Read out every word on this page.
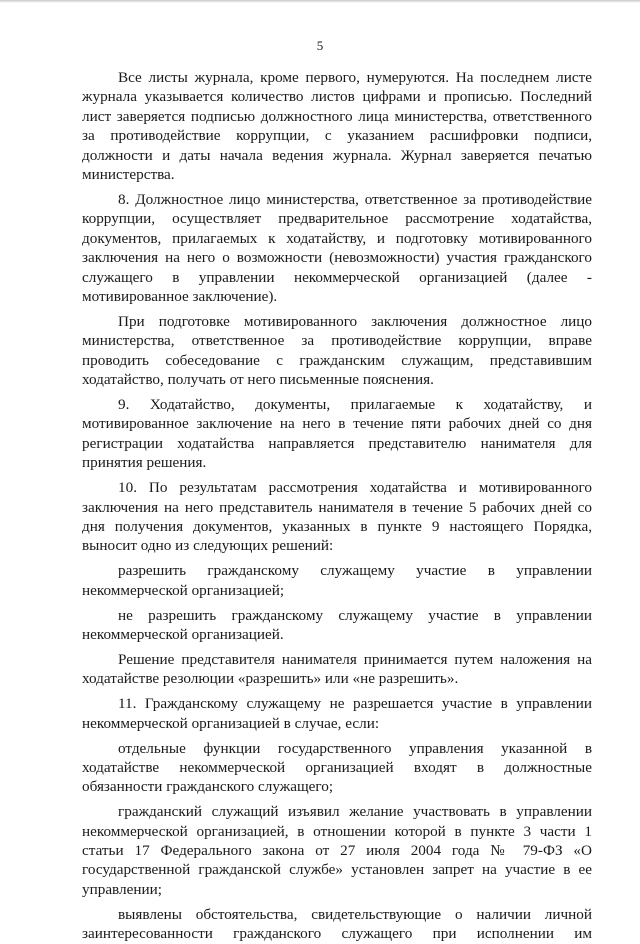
5

Все листы журнала, кроме первого, нумеруются. На последнем листе журнала указывается количество листов цифрами и прописью. Последний лист заверяется подписью должностного лица министерства, ответственного за противодействие коррупции, с указанием расшифровки подписи, должности и даты начала ведения журнала. Журнал заверяется печатью министерства.

8. Должностное лицо министерства, ответственное за противодействие коррупции, осуществляет предварительное рассмотрение ходатайства, документов, прилагаемых к ходатайству, и подготовку мотивированного заключения на него о возможности (невозможности) участия гражданского служащего в управлении некоммерческой организацией (далее - мотивированное заключение).

При подготовке мотивированного заключения должностное лицо министерства, ответственное за противодействие коррупции, вправе проводить собеседование с гражданским служащим, представившим ходатайство, получать от него письменные пояснения.

9. Ходатайство, документы, прилагаемые к ходатайству, и мотивированное заключение на него в течение пяти рабочих дней со дня регистрации ходатайства направляется представителю нанимателя для принятия решения.

10. По результатам рассмотрения ходатайства и мотивированного заключения на него представитель нанимателя в течение 5 рабочих дней со дня получения документов, указанных в пункте 9 настоящего Порядка, выносит одно из следующих решений:

разрешить гражданскому служащему участие в управлении некоммерческой организацией;

не разрешить гражданскому служащему участие в управлении некоммерческой организацией.

Решение представителя нанимателя принимается путем наложения на ходатайстве резолюции «разрешить» или «не разрешить».

11. Гражданскому служащему не разрешается участие в управлении некоммерческой организацией в случае, если:

отдельные функции государственного управления указанной в ходатайстве некоммерческой организацией входят в должностные обязанности гражданского служащего;

гражданский служащий изъявил желание участвовать в управлении некоммерческой организацией, в отношении которой в пункте 3 части 1 статьи 17 Федерального закона от 27 июля 2004 года № 79-ФЗ «О государственной гражданской службе» установлен запрет на участие в ее управлении;

выявлены обстоятельства, свидетельствующие о наличии личной заинтересованности гражданского служащего при исполнении им
